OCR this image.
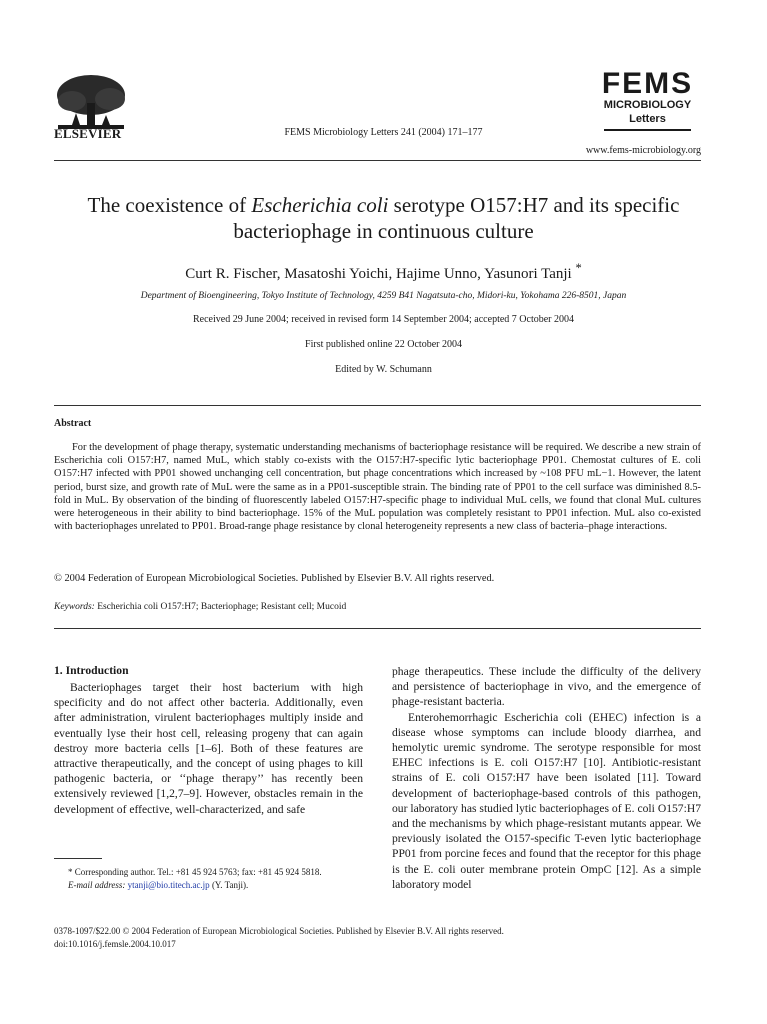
ELSEVIER	FEMS Microbiology Letters 241 (2004) 171–177
FEMS
MICROBIOLOGY
Letters
www.fems-microbiology.org
The coexistence of Escherichia coli serotype O157:H7 and its specific
bacteriophage in continuous culture
Curt R. Fischer, Masatoshi Yoichi, Hajime Unno, Yasunori Tanji *
Department of Bioengineering, Tokyo Institute of Technology, 4259 B41 Nagatsuta-cho, Midori-ku, Yokohama 226-8501, Japan
Received 29 June 2004; received in revised form 14 September 2004; accepted 7 October 2004
First published online 22 October 2004
Edited by W. Schumann
Abstract

For the development of phage therapy, systematic understanding mechanisms of bacteriophage resistance will be required. We describe a new strain of Escherichia coli O157:H7, named MuL, which stably co-exists with the O157:H7-specific lytic bacteriophage PP01. Chemostat cultures of E. coli O157:H7 infected with PP01 showed unchanging cell concentration, but phage concentrations which increased by ~108 PFU mL−1. However, the latent period, burst size, and growth rate of MuL were the same as in a PP01-susceptible strain. The binding rate of PP01 to the cell surface was diminished 8.5-fold in MuL. By observation of the binding of fluorescently labeled O157:H7-specific phage to individual MuL cells, we found that clonal MuL cultures were heterogeneous in their ability to bind bacteriophage. 15% of the MuL population was completely resistant to PP01 infection. MuL also co-existed with bacteriophages unrelated to PP01. Broad-range phage resistance by clonal heterogeneity represents a new class of bacteria–phage interactions.

© 2004 Federation of European Microbiological Societies. Published by Elsevier B.V. All rights reserved.
Keywords: Escherichia coli O157:H7; Bacteriophage; Resistant cell; Mucoid
1. Introduction

Bacteriophages target their host bacterium with high specificity and do not affect other bacteria. Additionally, even after administration, virulent bacteriophages multiply inside and eventually lyse their host cell, releasing progeny that can again destroy more bacteria cells [1–6]. Both of these features are attractive therapeutically, and the concept of using phages to kill pathogenic bacteria, or ‘‘phage therapy’’ has recently been extensively reviewed [1,2,7–9]. However, obstacles remain in the development of effective, well-characterized, and safe

phage therapeutics. These include the difficulty of the delivery and persistence of bacteriophage in vivo, and the emergence of phage-resistant bacteria.

Enterohemorrhagic Escherichia coli (EHEC) infection is a disease whose symptoms can include bloody diarrhea, and hemolytic uremic syndrome. The serotype responsible for most EHEC infections is E. coli O157:H7 [10]. Antibiotic-resistant strains of E. coli O157:H7 have been isolated [11]. Toward development of bacteriophage-based controls of this pathogen, our laboratory has studied lytic bacteriophages of E. coli O157:H7 and the mechanisms by which phage-resistant mutants appear. We previously isolated the O157-specific T-even lytic bacteriophage PP01 from porcine feces and found that the receptor for this phage is the E. coli outer membrane protein OmpC [12]. As a simple laboratory model

* Corresponding author. Tel.: +81 45 924 5763; fax: +81 45 924 5818.

E-mail address: ytanji@bio.titech.ac.jp (Y. Tanji).

0378-1097/$22.00 © 2004 Federation of European Microbiological Societies. Published by Elsevier B.V. All rights reserved.
doi:10.1016/j.femsle.2004.10.017
